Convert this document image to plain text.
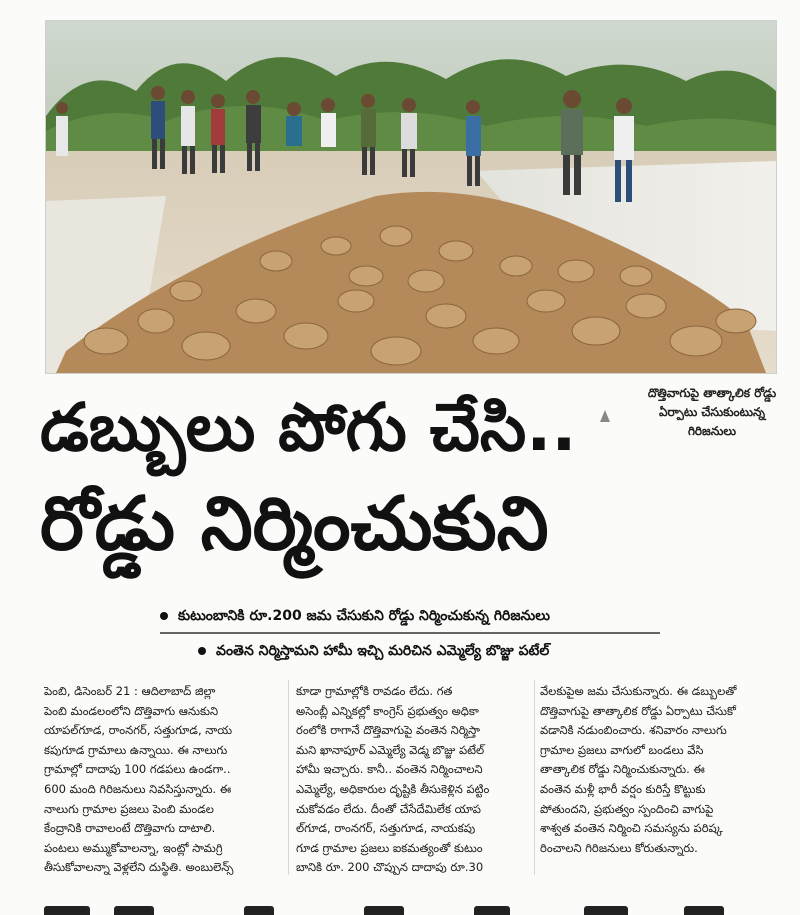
దొత్తివాగుపై తాత్కాలిక రోడ్డు
ఏర్పాటు చేసుకుంటున్న
గిరిజనులు
డబ్బులు పోగు చేసి..
రోడ్డు నిర్మించుకుని
కుటుంబానికి రూ.200 జమ చేసుకుని రోడ్డు నిర్మించుకున్న గిరిజనులు
వంతెన నిర్మిస్తామని హామీ ఇచ్చి మరిచిన ఎమ్మెల్యే బొజ్జు పటేల్
పెంబి, డిసెంబర్ 21 : ఆదిలాబాద్ జిల్లా
పెంబి మండలంలోని దొత్తివాగు ఆనుకుని
యాపల్‌గూడ, రాంనగర్, సత్తుగూడ, నాయ
కపుగూడ గ్రామాలు ఉన్నాయి. ఈ నాలుగు
గ్రామాల్లో దాదాపు 100 గడపలు ఉండగా..
600 మంది గిరిజనులు నివసిస్తున్నారు. ఈ
నాలుగు గ్రామాల ప్రజలు పెంబి మండల
కేంద్రానికి రావాలంటే దొత్తివాగు దాటాలి.
పంటలు అమ్ముకోవాలన్నా, ఇంట్లో సామగ్రి
తీసుకోవాలన్నా వెళ్లలేని దుస్థితి. అంబులెన్స్
కూడా గ్రామాల్లోకి రావడం లేదు. గత
అసెంబ్లీ ఎన్నికల్లో కాంగ్రెస్ ప్రభుత్వం అధికా
రంలోకి రాగానే దొత్తివాగుపై వంతెన నిర్మిస్తా
మని ఖానాపూర్ ఎమ్మెల్యే వెడ్మ బొజ్జు పటేల్
హామీ ఇచ్చారు. కానీ.. వంతెన నిర్మించాలని
ఎమ్మెల్యే, అధికారుల దృష్టికి తీసుకెళ్లిన పట్టిం
చుకోవడం లేదు. దీంతో చేసేదేమిలేక యాప
ల్‌గూడ, రాంనగర్, సత్తుగూడ, నాయకపు
గూడ గ్రామాల ప్రజలు ఐకమత్యంతో కుటుం
బానికి రూ. 200 చొప్పున దాదాపు రూ.30
వేలకుపైఅ జమ చేసుకున్నారు. ఈ డబ్బులతో
దొత్తివాగుపై తాత్కాలిక రోడ్డు ఏర్పాటు చేసుకో
వడానికి నడుంబించారు. శనివారం నాలుగు
గ్రామాల ప్రజలు వాగులో బండలు వేసి
తాత్కాలిక రోడ్డు నిర్మించుకున్నారు. ఈ
వంతెన మళ్లీ భారీ వర్షం కురిస్తే కొట్టుకు
పోతుందని, ప్రభుత్వం స్పందించి వాగుపై
శాశ్వత వంతెన నిర్మించి సమస్యను పరిష్క
రించాలని గిరిజనులు కోరుతున్నారు.
